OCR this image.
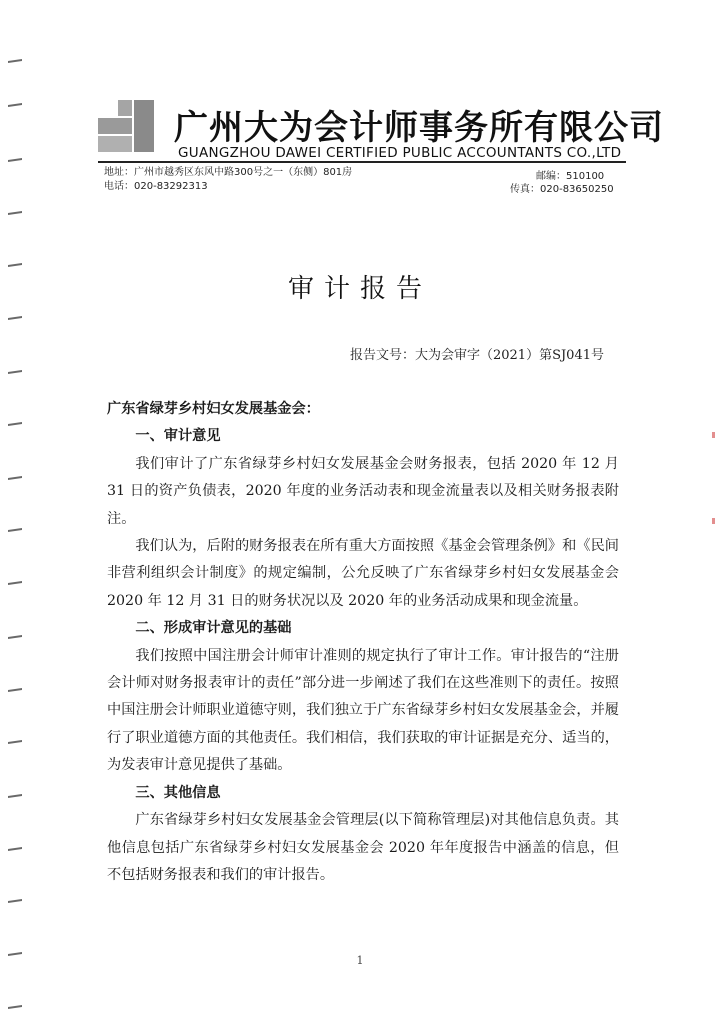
广州大为会计师事务所有限公司
GUANGZHOU DAWEI CERTIFIED PUBLIC ACCOUNTANTS CO.,LTD
地址：广州市越秀区东风中路300号之一（东侧）801房
电话：020-83292313
邮编：510100
传真：020-83650250
审计报告
报告文号：大为会审字（2021）第SJ041号

广东省绿芽乡村妇女发展基金会：

一、审计意见

我们审计了广东省绿芽乡村妇女发展基金会财务报表，包括 2020 年 12 月31 日的资产负债表，2020 年度的业务活动表和现金流量表以及相关财务报表附注。

我们认为，后附的财务报表在所有重大方面按照《基金会管理条例》和《民间非营利组织会计制度》的规定编制，公允反映了广东省绿芽乡村妇女发展基金会 2020 年 12 月 31 日的财务状况以及 2020 年的业务活动成果和现金流量。

二、形成审计意见的基础

我们按照中国注册会计师审计准则的规定执行了审计工作。审计报告的“注册会计师对财务报表审计的责任”部分进一步阐述了我们在这些准则下的责任。按照中国注册会计师职业道德守则，我们独立于广东省绿芽乡村妇女发展基金会，并履行了职业道德方面的其他责任。我们相信，我们获取的审计证据是充分、适当的，为发表审计意见提供了基础。

三、其他信息

广东省绿芽乡村妇女发展基金会管理层(以下简称管理层)对其他信息负责。其他信息包括广东省绿芽乡村妇女发展基金会 2020 年年度报告中涵盖的信息，但不包括财务报表和我们的审计报告。

1
